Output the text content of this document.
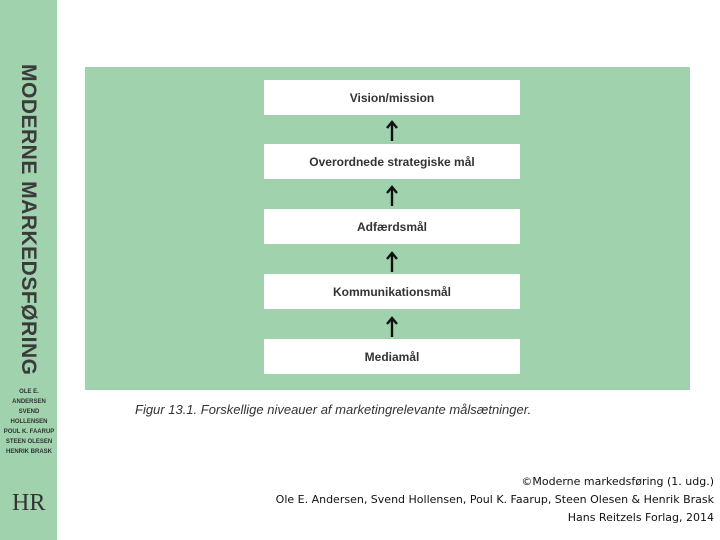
MODERNE MARKEDSFØRING
OLE E. ANDERSEN
SVEND HOLLENSEN
POUL K. FAARUP
STEEN OLESEN
HENRIK BRASK
HR
Vision/mission
Overordnede strategiske mål
Adfærdsmål
Kommunikationsmål
Mediamål
Figur 13.1. Forskellige niveauer af marketingrelevante målsætninger.
©Moderne markedsføring (1. udg.)
Ole E. Andersen, Svend Hollensen, Poul K. Faarup, Steen Olesen & Henrik Brask
Hans Reitzels Forlag, 2014
